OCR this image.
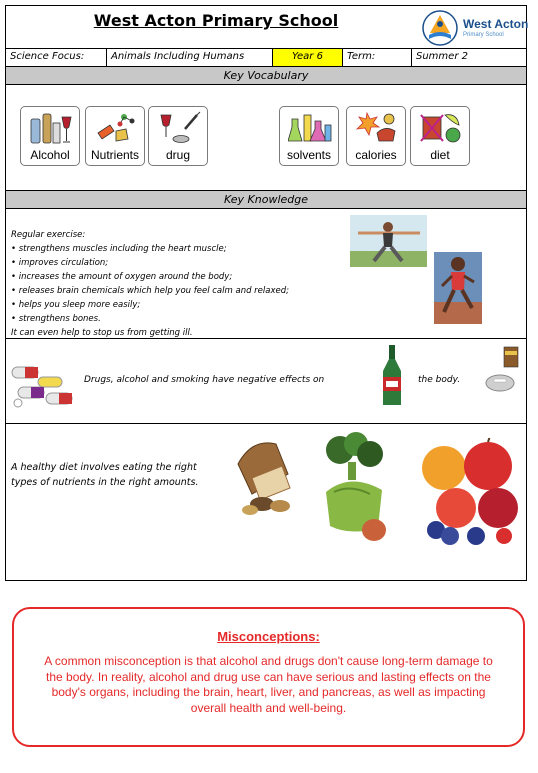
West Acton Primary School	West Acton
Primary School
Science Focus:	Animals Including Humans	Year 6	Term:	Summer 2
Key Vocabulary
Alcohol	Nutrients	drug	solvents	calories	diet
Key Knowledge
Regular exercise:
• strengthens muscles including the heart muscle;
• improves circulation;
• increases the amount of oxygen around the body;
• releases brain chemicals which help you feel calm and relaxed;
• helps you sleep more easily;
• strengthens bones.
It can even help to stop us from getting ill.
Drugs, alcohol and smoking have negative effects on	the body.
A healthy diet involves eating the right types of nutrients in the right amounts.
Misconceptions:
A common misconception is that alcohol and drugs don't cause long-term damage to the body. In reality, alcohol and drug use can have serious and lasting effects on the body's organs, including the brain, heart, liver, and pancreas, as well as impacting overall health and well-being.
